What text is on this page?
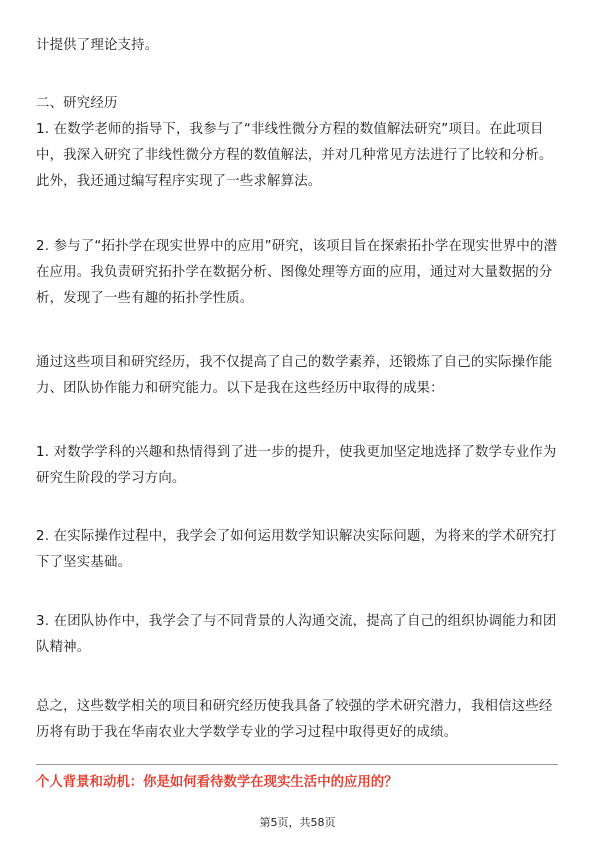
计提供了理论支持。

二、研究经历

1. 在数学老师的指导下，我参与了“非线性微分方程的数值解法研究”项目。在此项目中，我深入研究了非线性微分方程的数值解法，并对几种常见方法进行了比较和分析。此外，我还通过编写程序实现了一些求解算法。

2. 参与了“拓扑学在现实世界中的应用”研究，该项目旨在探索拓扑学在现实世界中的潜在应用。我负责研究拓扑学在数据分析、图像处理等方面的应用，通过对大量数据的分析，发现了一些有趣的拓扑学性质。

通过这些项目和研究经历，我不仅提高了自己的数学素养，还锻炼了自己的实际操作能力、团队协作能力和研究能力。以下是我在这些经历中取得的成果：

1. 对数学学科的兴趣和热情得到了进一步的提升，使我更加坚定地选择了数学专业作为研究生阶段的学习方向。

2. 在实际操作过程中，我学会了如何运用数学知识解决实际问题，为将来的学术研究打下了坚实基础。

3. 在团队协作中，我学会了与不同背景的人沟通交流，提高了自己的组织协调能力和团队精神。

总之，这些数学相关的项目和研究经历使我具备了较强的学术研究潜力，我相信这些经历将有助于我在华南农业大学数学专业的学习过程中取得更好的成绩。

个人背景和动机：你是如何看待数学在现实生活中的应用的？

第5页，共58页
